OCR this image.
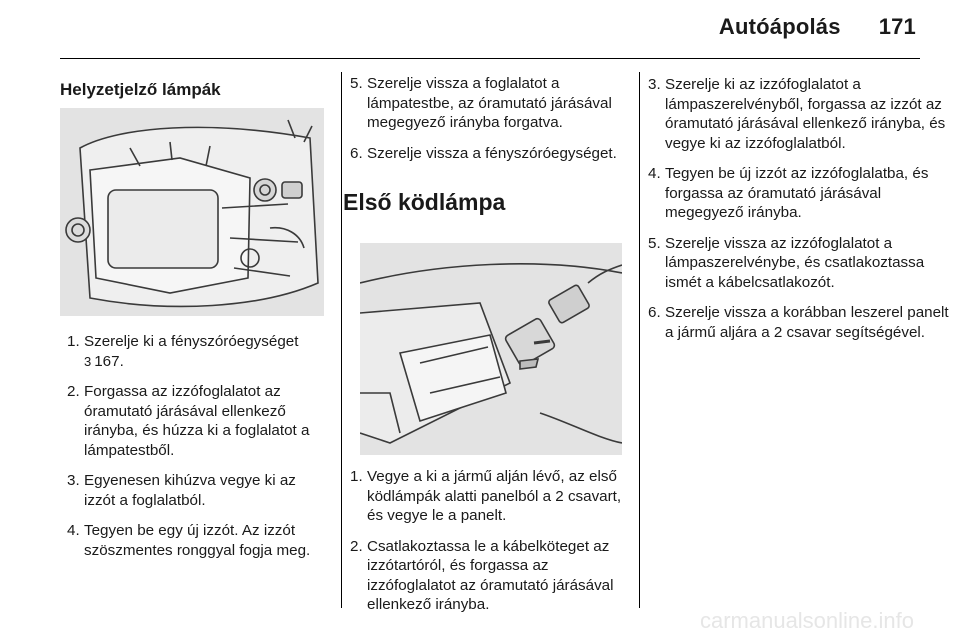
Autóápolás 171
Helyzetjelző lámpák
1. Szerelje ki a fényszóróegységet
3 167.
2. Forgassa az izzófoglalatot az óramutató járásával ellenkező irányba, és húzza ki a foglalatot a lámpatestből.
3. Egyenesen kihúzva vegye ki az izzót a foglalatból.
4. Tegyen be egy új izzót. Az izzót szöszmentes ronggyal fogja meg.
5. Szerelje vissza a foglalatot a lámpatestbe, az óramutató járásával megegyező irányba forgatva.
6. Szerelje vissza a fényszóróegységet.
Első ködlámpa
1. Vegye a ki a jármű alján lévő, az első ködlámpák alatti panelból a 2 csavart, és vegye le a panelt.
2. Csatlakoztassa le a kábelköteget az izzótartóról, és forgassa az izzófoglalatot az óramutató járásával ellenkező irányba.
3. Szerelje ki az izzófoglalatot a lámpaszerelvényből, forgassa az izzót az óramutató járásával ellenkező irányba, és vegye ki az izzófoglalatból.
4. Tegyen be új izzót az izzófoglalatba, és forgassa az óramutató járásával megegyező irányba.
5. Szerelje vissza az izzófoglalatot a lámpaszerelvénybe, és csatlakoztassa ismét a kábelcsatlakozót.
6. Szerelje vissza a korábban leszerel panelt a jármű aljára a 2 csavar segítségével.
carmanualsonline.info
